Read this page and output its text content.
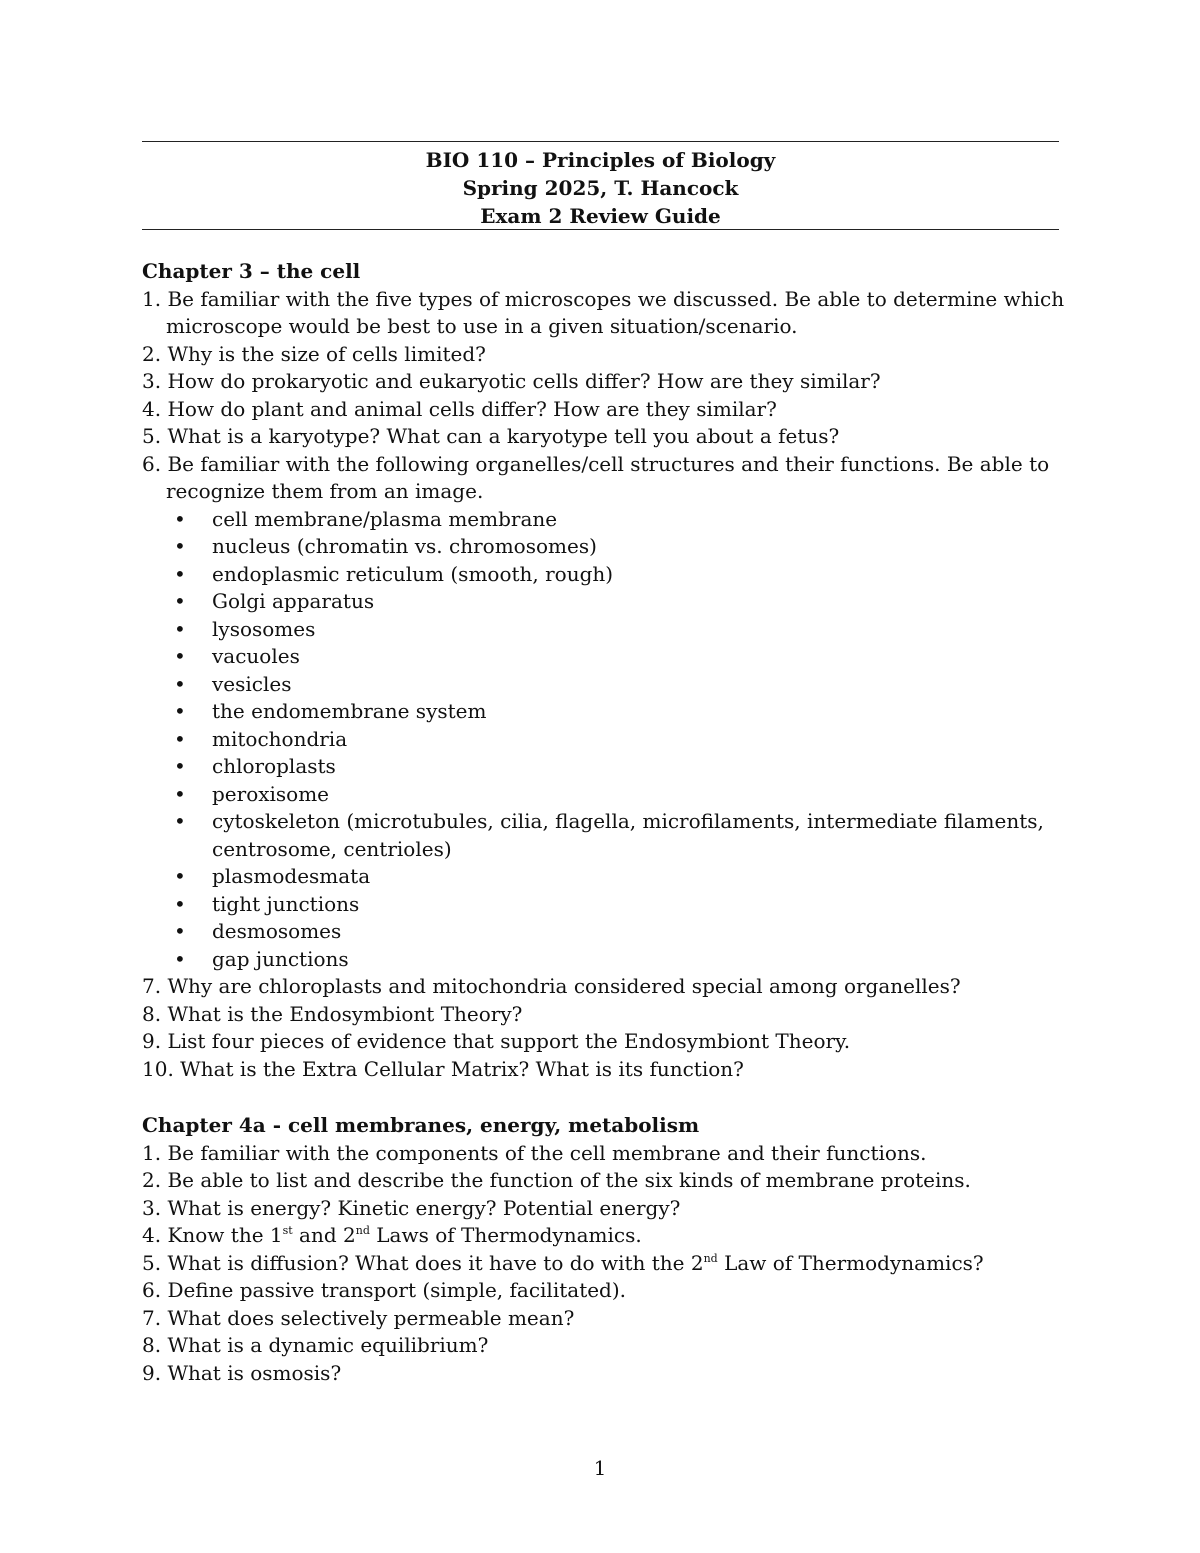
BIO 110 – Principles of Biology
Spring 2025, T. Hancock
Exam 2 Review Guide
Chapter 3 – the cell
1. Be familiar with the five types of microscopes we discussed. Be able to determine which
microscope would be best to use in a given situation/scenario.
2. Why is the size of cells limited?
3. How do prokaryotic and eukaryotic cells differ? How are they similar?
4. How do plant and animal cells differ? How are they similar?
5. What is a karyotype? What can a karyotype tell you about a fetus?
6. Be familiar with the following organelles/cell structures and their functions. Be able to
recognize them from an image.
•	cell membrane/plasma membrane
•	nucleus (chromatin vs. chromosomes)
•	endoplasmic reticulum (smooth, rough)
•	Golgi apparatus
•	lysosomes
•	vacuoles
•	vesicles
•	the endomembrane system
•	mitochondria
•	chloroplasts
•	peroxisome
•	cytoskeleton (microtubules, cilia, flagella, microfilaments, intermediate filaments,
centrosome, centrioles)
•	plasmodesmata
•	tight junctions
•	desmosomes
•	gap junctions
7. Why are chloroplasts and mitochondria considered special among organelles?
8. What is the Endosymbiont Theory?
9. List four pieces of evidence that support the Endosymbiont Theory.
10. What is the Extra Cellular Matrix? What is its function?
Chapter 4a - cell membranes, energy, metabolism
1. Be familiar with the components of the cell membrane and their functions.
2. Be able to list and describe the function of the six kinds of membrane proteins.
3. What is energy? Kinetic energy? Potential energy?
4. Know the 1st and 2nd Laws of Thermodynamics.
5. What is diffusion? What does it have to do with the 2nd Law of Thermodynamics?
6. Define passive transport (simple, facilitated).
7. What does selectively permeable mean?
8. What is a dynamic equilibrium?
9. What is osmosis?
1
